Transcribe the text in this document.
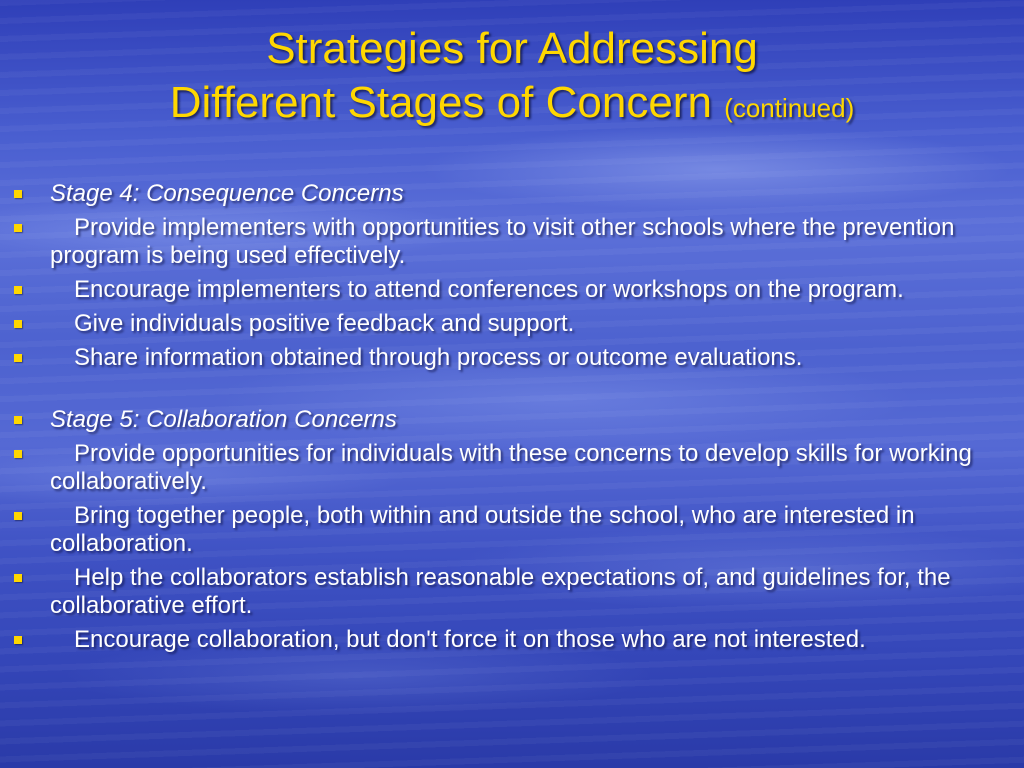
Strategies for Addressing
Different Stages of Concern (continued)
Stage 4: Consequence Concerns
Provide implementers with opportunities to visit other schools where the prevention program is being used effectively.
Encourage implementers to attend conferences or workshops on the program.
Give individuals positive feedback and support.
Share information obtained through process or outcome evaluations.
Stage 5: Collaboration Concerns
Provide opportunities for individuals with these concerns to develop skills for working collaboratively.
Bring together people, both within and outside the school, who are interested in collaboration.
Help the collaborators establish reasonable expectations of, and guidelines for, the collaborative effort.
Encourage collaboration, but don't force it on those who are not interested.
